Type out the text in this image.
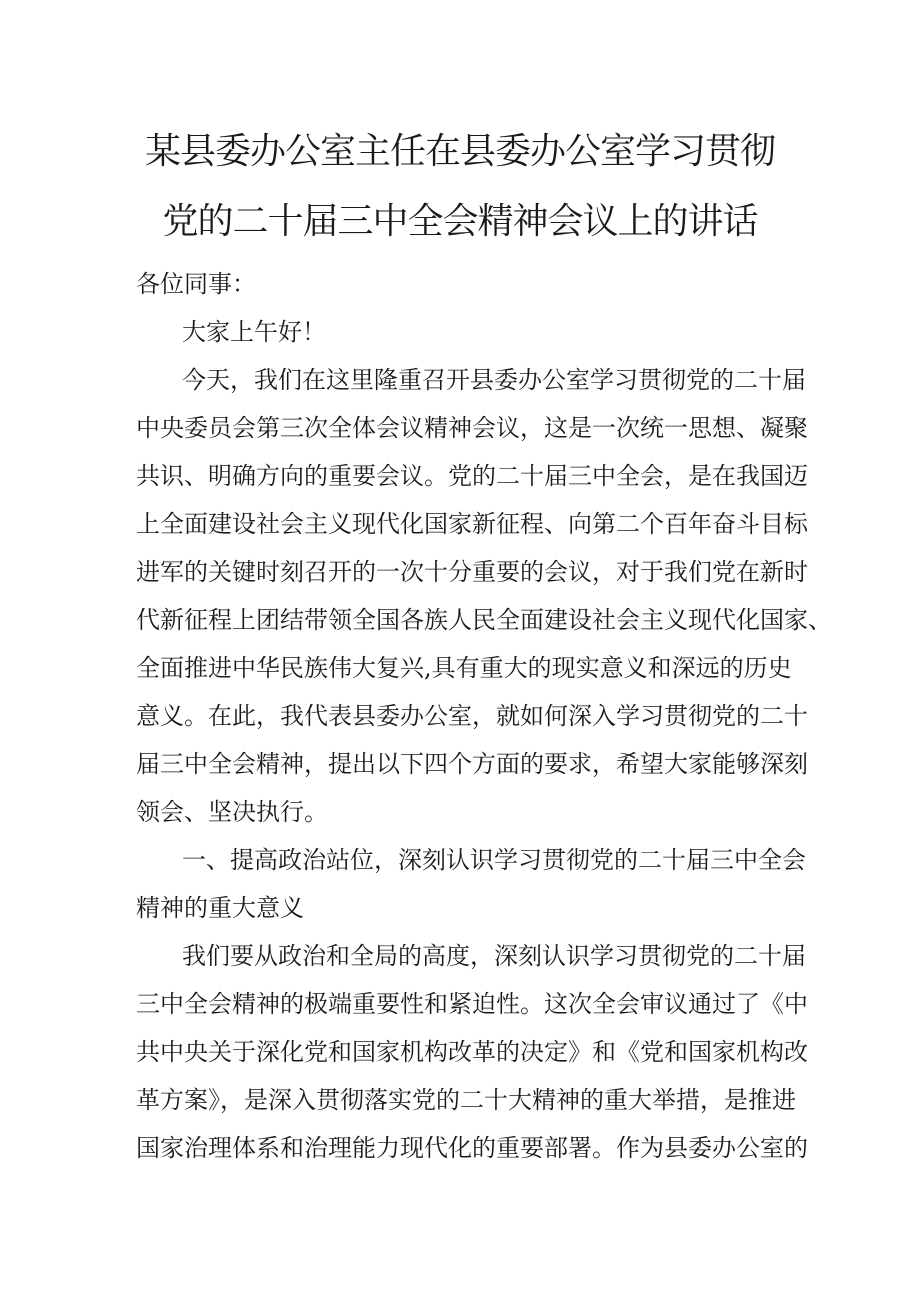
某县委办公室主任在县委办公室学习贯彻
党的二十届三中全会精神会议上的讲话
各位同事：
大家上午好！
今天，我们在这里隆重召开县委办公室学习贯彻党的二十届
中央委员会第三次全体会议精神会议，这是一次统一思想、凝聚
共识、明确方向的重要会议。党的二十届三中全会，是在我国迈
上全面建设社会主义现代化国家新征程、向第二个百年奋斗目标
进军的关键时刻召开的一次十分重要的会议，对于我们党在新时
代新征程上团结带领全国各族人民全面建设社会主义现代化国家、
全面推进中华民族伟大复兴,具有重大的现实意义和深远的历史
意义。在此，我代表县委办公室，就如何深入学习贯彻党的二十
届三中全会精神，提出以下四个方面的要求，希望大家能够深刻
领会、坚决执行。
一、提高政治站位，深刻认识学习贯彻党的二十届三中全会
精神的重大意义
我们要从政治和全局的高度，深刻认识学习贯彻党的二十届
三中全会精神的极端重要性和紧迫性。这次全会审议通过了《中
共中央关于深化党和国家机构改革的决定》和《党和国家机构改
革方案》，是深入贯彻落实党的二十大精神的重大举措，是推进
国家治理体系和治理能力现代化的重要部署。作为县委办公室的
